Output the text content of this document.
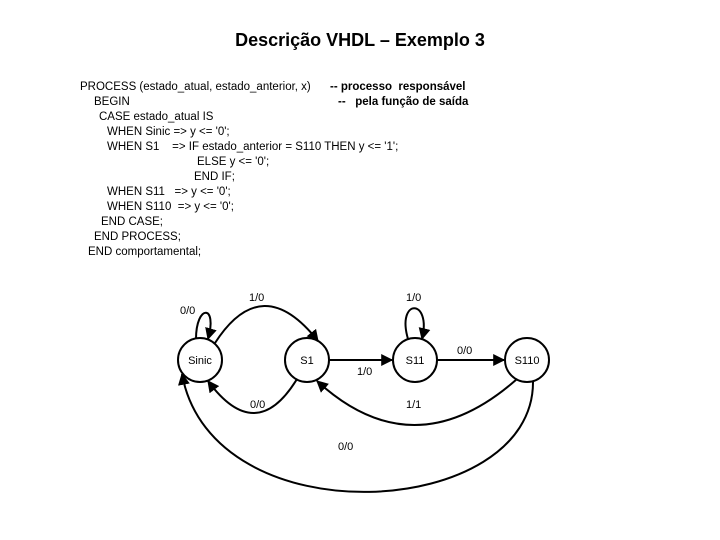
Descrição VHDL – Exemplo 3
PROCESS (estado_atual, estado_anterior, x)
BEGIN
CASE estado_atual IS
WHEN Sinic => y <= '0';
WHEN S1    => IF estado_anterior = S110 THEN y <= '1';
ELSE y <= '0';
END IF;
WHEN S11   => y <= '0';
WHEN S110  => y <= '0';
END CASE;
END PROCESS;
END comportamental;
-- processo  responsável
--   pela função de saída
Sinic	S1	S11	S110
0/0
1/0
0/0
1/0
1/0
0/0
1/1
0/0
